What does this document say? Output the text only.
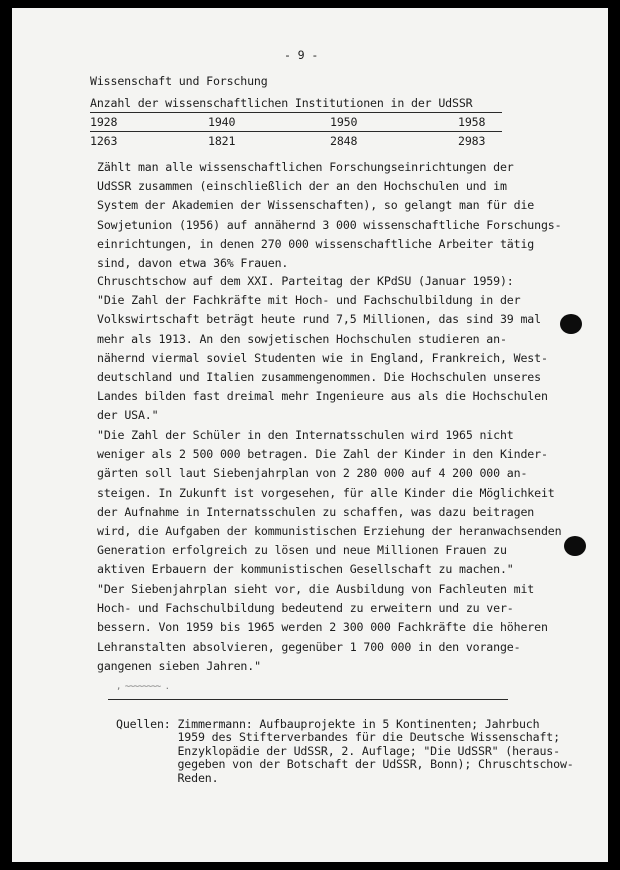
- 9 -
Wissenschaft und Forschung
Anzahl der wissenschaftlichen Institutionen in der UdSSR
1928	1940	1950	1958
1263	1821	2848	2983
Zählt man alle wissenschaftlichen Forschungseinrichtungen der
UdSSR zusammen (einschließlich der an den Hochschulen und im
System der Akademien der Wissenschaften), so gelangt man für die
Sowjetunion (1956) auf annähernd 3 000 wissenschaftliche Forschungs-
einrichtungen, in denen 270 000 wissenschaftliche Arbeiter tätig
sind, davon etwa 36% Frauen.
Chruschtschow auf dem XXI. Parteitag der KPdSU (Januar 1959):
"Die Zahl der Fachkräfte mit Hoch- und Fachschulbildung in der
Volkswirtschaft beträgt heute rund 7,5 Millionen, das sind 39 mal
mehr als 1913. An den sowjetischen Hochschulen studieren an-
nähernd viermal soviel Studenten wie in England, Frankreich, West-
deutschland und Italien zusammengenommen. Die Hochschulen unseres
Landes bilden fast dreimal mehr Ingenieure aus als die Hochschulen
der USA."
"Die Zahl der Schüler in den Internatsschulen wird 1965 nicht
weniger als 2 500 000 betragen. Die Zahl der Kinder in den Kinder-
gärten soll laut Siebenjahrplan von 2 280 000 auf 4 200 000 an-
steigen. In Zukunft ist vorgesehen, für alle Kinder die Möglichkeit
der Aufnahme in Internatsschulen zu schaffen, was dazu beitragen
wird, die Aufgaben der kommunistischen Erziehung der heranwachsenden
Generation erfolgreich zu lösen und neue Millionen Frauen zu
aktiven Erbauern der kommunistischen Gesellschaft zu machen."
"Der Siebenjahrplan sieht vor, die Ausbildung von Fachleuten mit
Hoch- und Fachschulbildung bedeutend zu erweitern und zu ver-
bessern. Von 1959 bis 1965 werden 2 300 000 Fachkräfte die höheren
Lehranstalten absolvieren, gegenüber 1 700 000 in den vorange-
gangenen sieben Jahren."
, ~~~~~~~~ .
Quellen: Zimmermann: Aufbauprojekte in 5 Kontinenten; Jahrbuch
1959 des Stifterverbandes für die Deutsche Wissenschaft;
Enzyklopädie der UdSSR, 2. Auflage; "Die UdSSR" (heraus-
gegeben von der Botschaft der UdSSR, Bonn); Chruschtschow-
Reden.
